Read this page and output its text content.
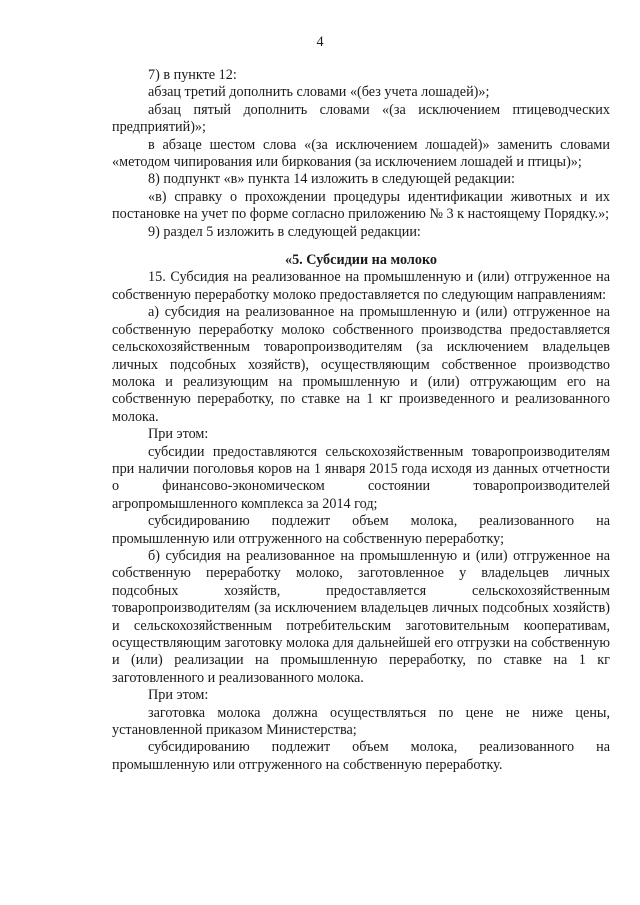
4

7) в пункте 12:

абзац третий дополнить словами «(без учета лошадей)»;

абзац пятый дополнить словами «(за исключением птицеводческих предприятий)»;

в абзаце шестом слова «(за исключением лошадей)» заменить словами «методом чипирования или биркования (за исключением лошадей и птицы)»;

8) подпункт «в» пункта 14 изложить в следующей редакции:

«в) справку о прохождении процедуры идентификации животных и их постановке на учет по форме согласно приложению № 3 к настоящему Порядку.»;

9) раздел 5 изложить в следующей редакции:

«5. Субсидии на молоко

15. Субсидия на реализованное на промышленную и (или) отгруженное на собственную переработку молоко предоставляется по следующим направлениям:

а) субсидия на реализованное на промышленную и (или) отгруженное на собственную переработку молоко собственного производства предоставляется сельскохозяйственным товаропроизводителям (за исключением владельцев личных подсобных хозяйств), осуществляющим собственное производство молока и реализующим на промышленную и (или) отгружающим его на собственную переработку, по ставке на 1 кг произведенного и реализованного молока.

При этом:

субсидии предоставляются сельскохозяйственным товаропроизводителям при наличии поголовья коров на 1 января 2015 года исходя из данных отчетности о финансово-экономическом состоянии товаропроизводителей агропромышленного комплекса за 2014 год;

субсидированию подлежит объем молока, реализованного на промышленную или отгруженного на собственную переработку;

б) субсидия на реализованное на промышленную и (или) отгруженное на собственную переработку молоко, заготовленное у владельцев личных подсобных хозяйств, предоставляется сельскохозяйственным товаропроизводителям (за исключением владельцев личных подсобных хозяйств) и сельскохозяйственным потребительским заготовительным кооперативам, осуществляющим заготовку молока для дальнейшей его отгрузки на собственную и (или) реализации на промышленную переработку, по ставке на 1 кг заготовленного и реализованного молока.

При этом:

заготовка молока должна осуществляться по цене не ниже цены, установленной приказом Министерства;

субсидированию подлежит объем молока, реализованного на промышленную или отгруженного на собственную переработку.
